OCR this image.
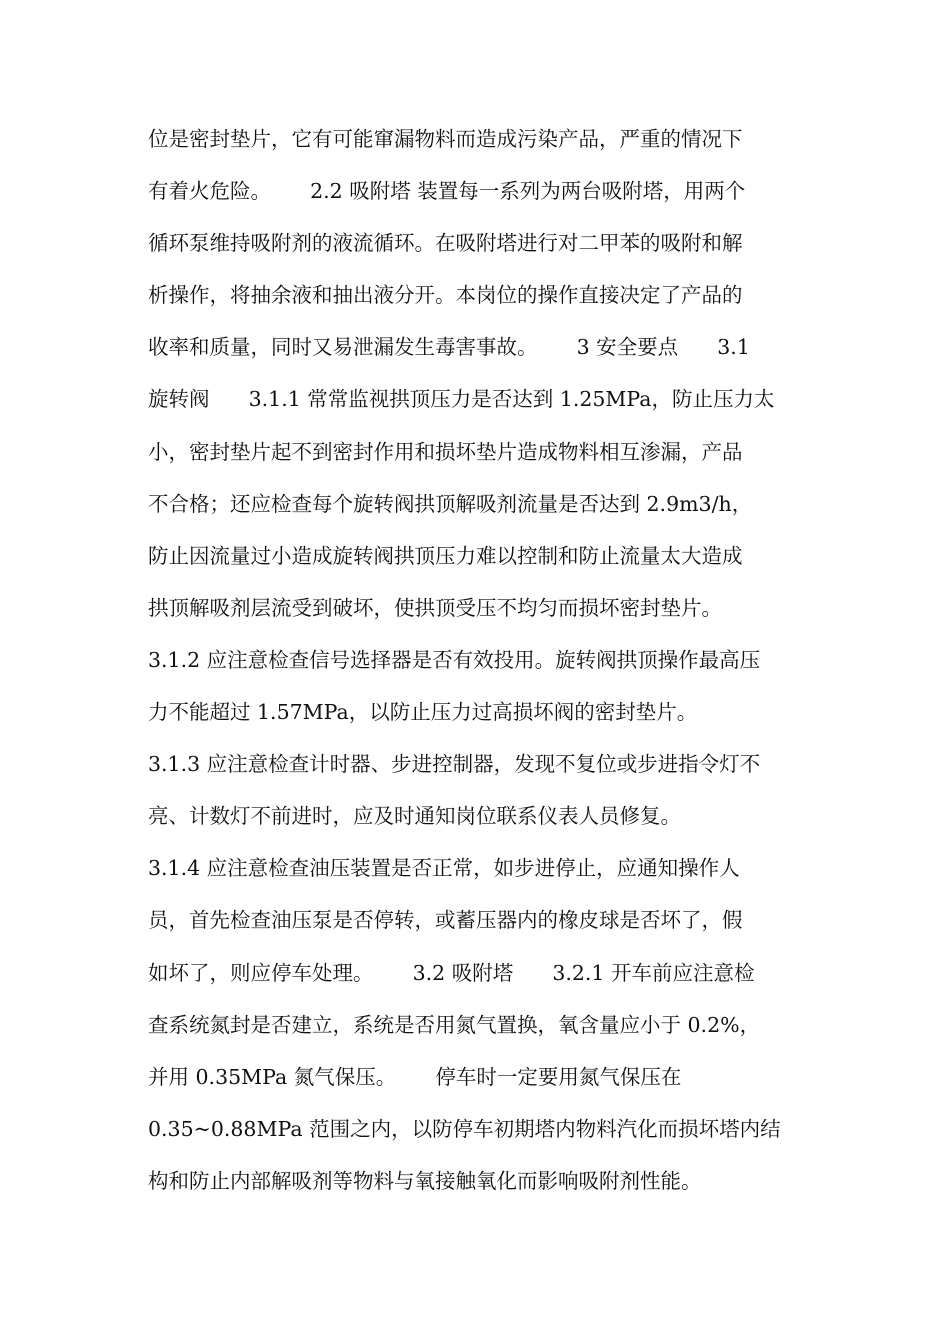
位是密封垫片，它有可能窜漏物料而造成污染产品，严重的情况下
有着火危险。      2.2 吸附塔 装置每一系列为两台吸附塔，用两个
循环泵维持吸附剂的液流循环。在吸附塔进行对二甲苯的吸附和解
析操作，将抽余液和抽出液分开。本岗位的操作直接决定了产品的
收率和质量，同时又易泄漏发生毒害事故。      3 安全要点      3.1
旋转阀      3.1.1 常常监视拱顶压力是否达到 1.25MPa，防止压力太
小，密封垫片起不到密封作用和损坏垫片造成物料相互渗漏，产品
不合格；还应检查每个旋转阀拱顶解吸剂流量是否达到 2.9m3/h，
防止因流量过小造成旋转阀拱顶压力难以控制和防止流量太大造成
拱顶解吸剂层流受到破坏，使拱顶受压不均匀而损坏密封垫片。
3.1.2 应注意检查信号选择器是否有效投用。旋转阀拱顶操作最高压
力不能超过 1.57MPa，以防止压力过高损坏阀的密封垫片。
3.1.3 应注意检查计时器、步进控制器，发现不复位或步进指令灯不
亮、计数灯不前进时，应及时通知岗位联系仪表人员修复。
3.1.4 应注意检查油压装置是否正常，如步进停止，应通知操作人
员，首先检查油压泵是否停转，或蓄压器内的橡皮球是否坏了，假
如坏了，则应停车处理。      3.2 吸附塔      3.2.1 开车前应注意检
查系统氮封是否建立，系统是否用氮气置换，氧含量应小于 0.2%，
并用 0.35MPa 氮气保压。      停车时一定要用氮气保压在
0.35~0.88MPa 范围之内，以防停车初期塔内物料汽化而损坏塔内结
构和防止内部解吸剂等物料与氧接触氧化而影响吸附剂性能。
